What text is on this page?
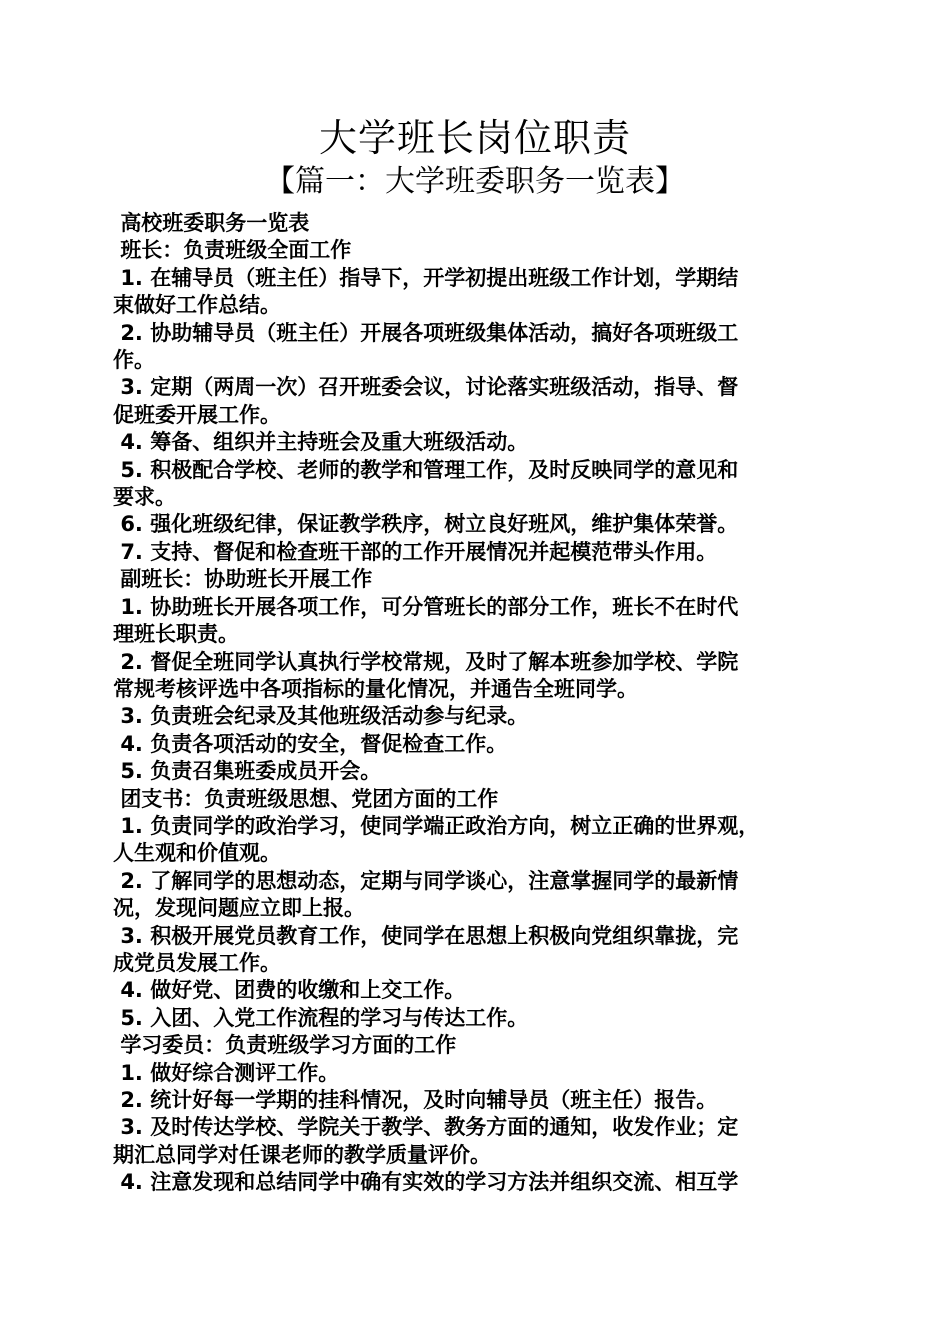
大学班长岗位职责
【篇一：大学班委职务一览表】
高校班委职务一览表
班长：负责班级全面工作
1. 在辅导员（班主任）指导下，开学初提出班级工作计划，学期结
束做好工作总结。
2. 协助辅导员（班主任）开展各项班级集体活动，搞好各项班级工
作。
3. 定期（两周一次）召开班委会议，讨论落实班级活动，指导、督
促班委开展工作。
4. 筹备、组织并主持班会及重大班级活动。
5. 积极配合学校、老师的教学和管理工作，及时反映同学的意见和
要求。
6. 强化班级纪律，保证教学秩序，树立良好班风，维护集体荣誉。
7. 支持、督促和检查班干部的工作开展情况并起模范带头作用。
副班长：协助班长开展工作
1. 协助班长开展各项工作，可分管班长的部分工作，班长不在时代
理班长职责。
2. 督促全班同学认真执行学校常规，及时了解本班参加学校、学院
常规考核评选中各项指标的量化情况，并通告全班同学。
3. 负责班会纪录及其他班级活动参与纪录。
4. 负责各项活动的安全，督促检查工作。
5. 负责召集班委成员开会。
团支书：负责班级思想、党团方面的工作
1. 负责同学的政治学习，使同学端正政治方向，树立正确的世界观，
人生观和价值观。
2. 了解同学的思想动态，定期与同学谈心，注意掌握同学的最新情
况，发现问题应立即上报。
3. 积极开展党员教育工作，使同学在思想上积极向党组织靠拢，完
成党员发展工作。
4. 做好党、团费的收缴和上交工作。
5. 入团、入党工作流程的学习与传达工作。
学习委员：负责班级学习方面的工作
1. 做好综合测评工作。
2. 统计好每一学期的挂科情况，及时向辅导员（班主任）报告。
3. 及时传达学校、学院关于教学、教务方面的通知，收发作业；定
期汇总同学对任课老师的教学质量评价。
4. 注意发现和总结同学中确有实效的学习方法并组织交流、相互学
